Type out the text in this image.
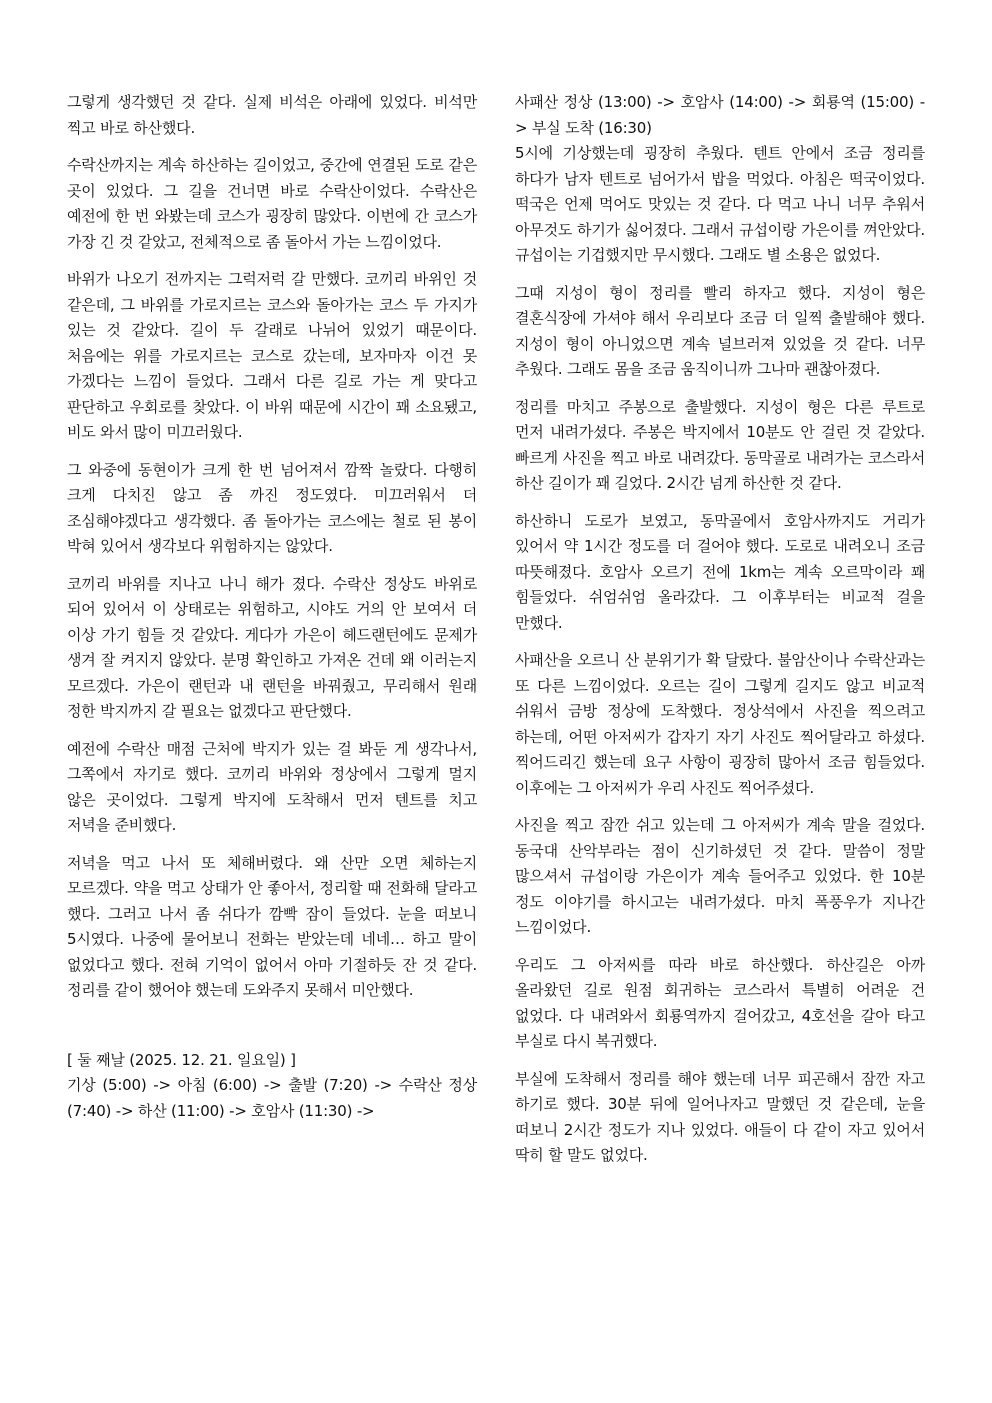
그렇게 생각했던 것 같다. 실제 비석은 아래에 있었다. 비석만 찍고 바로 하산했다.

수락산까지는 계속 하산하는 길이었고, 중간에 연결된 도로 같은 곳이 있었다. 그 길을 건너면 바로 수락산이었다. 수락산은 예전에 한 번 와봤는데 코스가 굉장히 많았다. 이번에 간 코스가 가장 긴 것 같았고, 전체적으로 좀 돌아서 가는 느낌이었다.

바위가 나오기 전까지는 그럭저럭 갈 만했다. 코끼리 바위인 것 같은데, 그 바위를 가로지르는 코스와 돌아가는 코스 두 가지가 있는 것 같았다. 길이 두 갈래로 나뉘어 있었기 때문이다. 처음에는 위를 가로지르는 코스로 갔는데, 보자마자 이건 못 가겠다는 느낌이 들었다. 그래서 다른 길로 가는 게 맞다고 판단하고 우회로를 찾았다. 이 바위 때문에 시간이 꽤 소요됐고, 비도 와서 많이 미끄러웠다.

그 와중에 동현이가 크게 한 번 넘어져서 깜짝 놀랐다. 다행히 크게 다치진 않고 좀 까진 정도였다. 미끄러워서 더 조심해야겠다고 생각했다. 좀 돌아가는 코스에는 철로 된 봉이 박혀 있어서 생각보다 위험하지는 않았다.

코끼리 바위를 지나고 나니 해가 졌다. 수락산 정상도 바위로 되어 있어서 이 상태로는 위험하고, 시야도 거의 안 보여서 더 이상 가기 힘들 것 같았다. 게다가 가은이 헤드랜턴에도 문제가 생겨 잘 켜지지 않았다. 분명 확인하고 가져온 건데 왜 이러는지 모르겠다. 가은이 랜턴과 내 랜턴을 바꿔줬고, 무리해서 원래 정한 박지까지 갈 필요는 없겠다고 판단했다.

예전에 수락산 매점 근처에 박지가 있는 걸 봐둔 게 생각나서, 그쪽에서 자기로 했다. 코끼리 바위와 정상에서 그렇게 멀지 않은 곳이었다. 그렇게 박지에 도착해서 먼저 텐트를 치고 저녁을 준비했다.

저녁을 먹고 나서 또 체해버렸다. 왜 산만 오면 체하는지 모르겠다. 약을 먹고 상태가 안 좋아서, 정리할 때 전화해 달라고 했다. 그러고 나서 좀 쉬다가 깜빡 잠이 들었다. 눈을 떠보니 5시였다. 나중에 물어보니 전화는 받았는데 네네… 하고 말이 없었다고 했다. 전혀 기억이 없어서 아마 기절하듯 잔 것 같다. 정리를 같이 했어야 했는데 도와주지 못해서 미안했다.

[ 둘 째날 (2025. 12. 21. 일요일) ]

기상 (5:00) -> 아침 (6:00) -> 출발 (7:20) -> 수락산 정상 (7:40) -> 하산 (11:00) -> 호암사 (11:30) ->

사패산 정상 (13:00) -> 호암사 (14:00) -> 회룡역 (15:00) -> 부실 도착 (16:30)

5시에 기상했는데 굉장히 추웠다. 텐트 안에서 조금 정리를 하다가 남자 텐트로 넘어가서 밥을 먹었다. 아침은 떡국이었다. 떡국은 언제 먹어도 맛있는 것 같다. 다 먹고 나니 너무 추워서 아무것도 하기가 싫어졌다. 그래서 규섭이랑 가은이를 껴안았다. 규섭이는 기겁했지만 무시했다. 그래도 별 소용은 없었다.

그때 지성이 형이 정리를 빨리 하자고 했다. 지성이 형은 결혼식장에 가셔야 해서 우리보다 조금 더 일찍 출발해야 했다. 지성이 형이 아니었으면 계속 널브러져 있었을 것 같다. 너무 추웠다. 그래도 몸을 조금 움직이니까 그나마 괜찮아졌다.

정리를 마치고 주봉으로 출발했다. 지성이 형은 다른 루트로 먼저 내려가셨다. 주봉은 박지에서 10분도 안 걸린 것 같았다. 빠르게 사진을 찍고 바로 내려갔다. 동막골로 내려가는 코스라서 하산 길이가 꽤 길었다. 2시간 넘게 하산한 것 같다.

하산하니 도로가 보였고, 동막골에서 호암사까지도 거리가 있어서 약 1시간 정도를 더 걸어야 했다. 도로로 내려오니 조금 따뜻해졌다. 호암사 오르기 전에 1km는 계속 오르막이라 꽤 힘들었다. 쉬엄쉬엄 올라갔다. 그 이후부터는 비교적 걸을 만했다.

사패산을 오르니 산 분위기가 확 달랐다. 불암산이나 수락산과는 또 다른 느낌이었다. 오르는 길이 그렇게 길지도 않고 비교적 쉬워서 금방 정상에 도착했다. 정상석에서 사진을 찍으려고 하는데, 어떤 아저씨가 갑자기 자기 사진도 찍어달라고 하셨다. 찍어드리긴 했는데 요구 사항이 굉장히 많아서 조금 힘들었다. 이후에는 그 아저씨가 우리 사진도 찍어주셨다.

사진을 찍고 잠깐 쉬고 있는데 그 아저씨가 계속 말을 걸었다. 동국대 산악부라는 점이 신기하셨던 것 같다. 말씀이 정말 많으셔서 규섭이랑 가은이가 계속 들어주고 있었다. 한 10분 정도 이야기를 하시고는 내려가셨다. 마치 폭풍우가 지나간 느낌이었다.

우리도 그 아저씨를 따라 바로 하산했다. 하산길은 아까 올라왔던 길로 원점 회귀하는 코스라서 특별히 어려운 건 없었다. 다 내려와서 회룡역까지 걸어갔고, 4호선을 갈아 타고 부실로 다시 복귀했다.

부실에 도착해서 정리를 해야 했는데 너무 피곤해서 잠깐 자고 하기로 했다. 30분 뒤에 일어나자고 말했던 것 같은데, 눈을 떠보니 2시간 정도가 지나 있었다. 애들이 다 같이 자고 있어서 딱히 할 말도 없었다.
